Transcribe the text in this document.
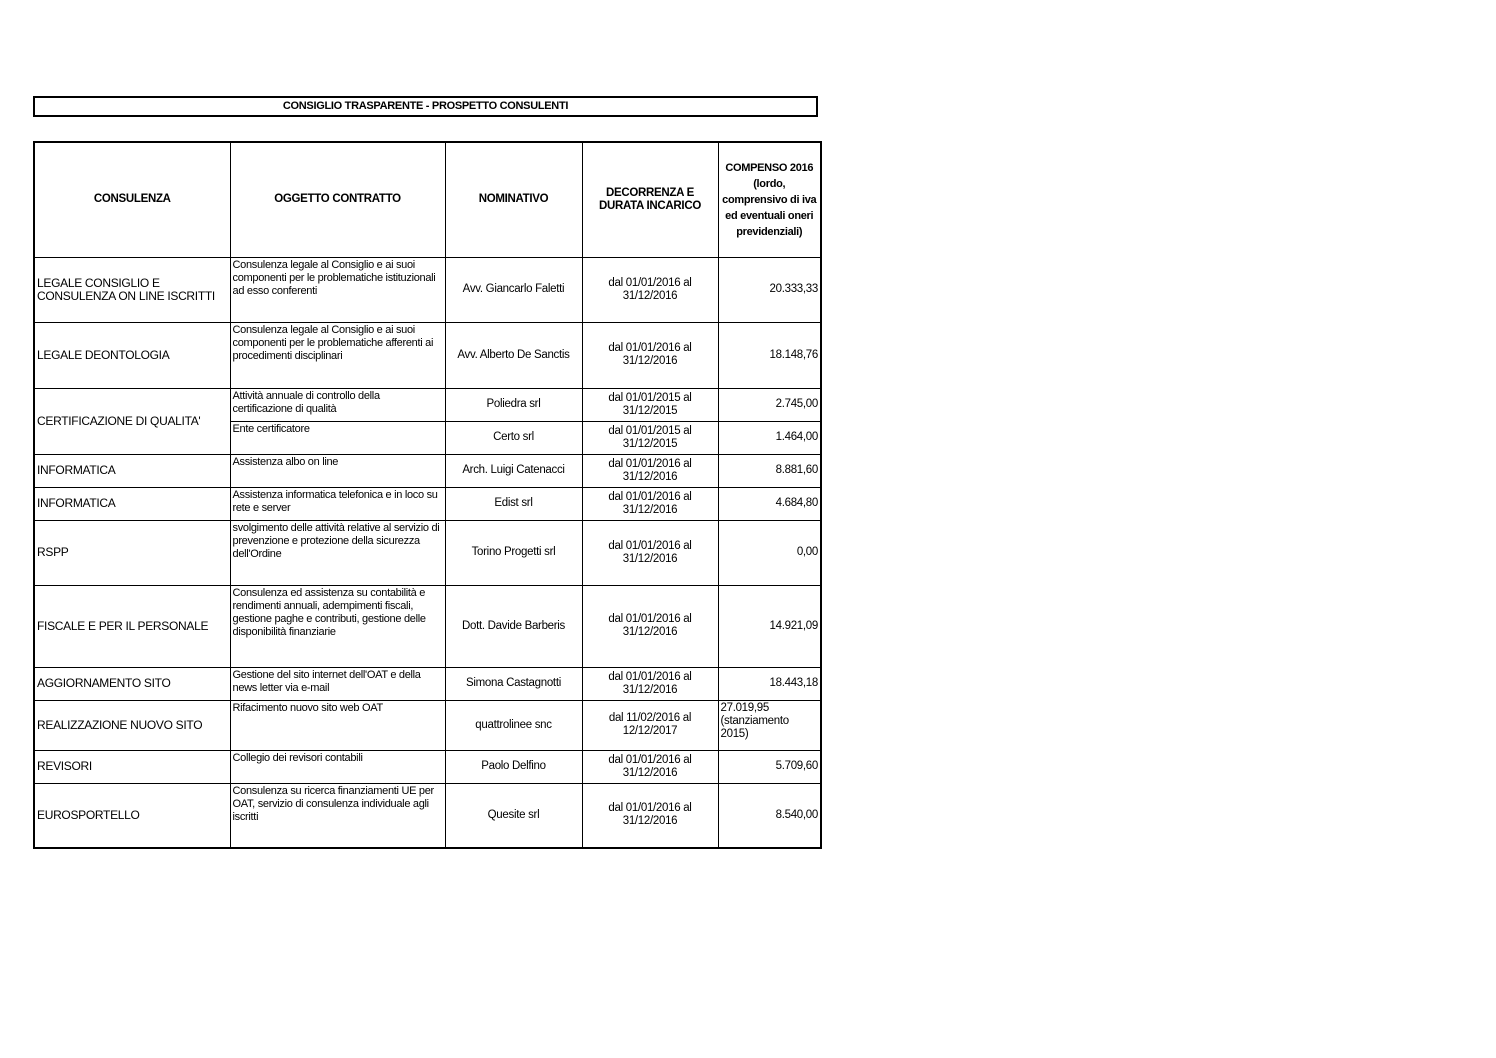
CONSIGLIO TRASPARENTE - PROSPETTO CONSULENTI
CONSULENZA	OGGETTO CONTRATTO	NOMINATIVO	DECORRENZA E DURATA INCARICO	COMPENSO 2016 (lordo, comprensivo di iva ed eventuali oneri previdenziali)
LEGALE CONSIGLIO E CONSULENZA ON LINE ISCRITTI	Consulenza legale al Consiglio e ai suoi componenti per le problematiche istituzionali ad esso conferenti	Avv. Giancarlo Faletti	dal 01/01/2016 al 31/12/2016	20.333,33
LEGALE DEONTOLOGIA	Consulenza legale al Consiglio e ai suoi componenti per le problematiche afferenti ai procedimenti disciplinari	Avv. Alberto De Sanctis	dal 01/01/2016 al 31/12/2016	18.148,76
CERTIFICAZIONE DI QUALITA'	Attività annuale di controllo della certificazione di qualità	Poliedra srl	dal 01/01/2015 al 31/12/2015	2.745,00
	Ente certificatore	Certo srl	dal 01/01/2015 al 31/12/2015	1.464,00
INFORMATICA	Assistenza albo on line	Arch. Luigi Catenacci	dal 01/01/2016 al 31/12/2016	8.881,60
INFORMATICA	Assistenza informatica telefonica e in loco su rete e server	Edist srl	dal 01/01/2016 al 31/12/2016	4.684,80
RSPP	svolgimento delle attività relative al servizio di prevenzione e protezione della sicurezza dell'Ordine	Torino Progetti srl	dal 01/01/2016 al 31/12/2016	0,00
FISCALE E PER IL PERSONALE	Consulenza ed assistenza su contabilità e rendimenti annuali, adempimenti fiscali, gestione paghe e contributi, gestione delle disponibilità finanziarie	Dott. Davide Barberis	dal 01/01/2016 al 31/12/2016	14.921,09
AGGIORNAMENTO SITO	Gestione del sito internet dell'OAT e della news letter via e-mail	Simona Castagnotti	dal 01/01/2016 al 31/12/2016	18.443,18
REALIZZAZIONE NUOVO SITO	Rifacimento nuovo sito web OAT	quattrolinee snc	dal 11/02/2016 al 12/12/2017	27.019,95 (stanziamento 2015)
REVISORI	Collegio dei revisori contabili	Paolo Delfino	dal 01/01/2016 al 31/12/2016	5.709,60
EUROSPORTELLO	Consulenza su ricerca finanziamenti UE per OAT, servizio di consulenza individuale agli iscritti	Quesite srl	dal 01/01/2016 al 31/12/2016	8.540,00
